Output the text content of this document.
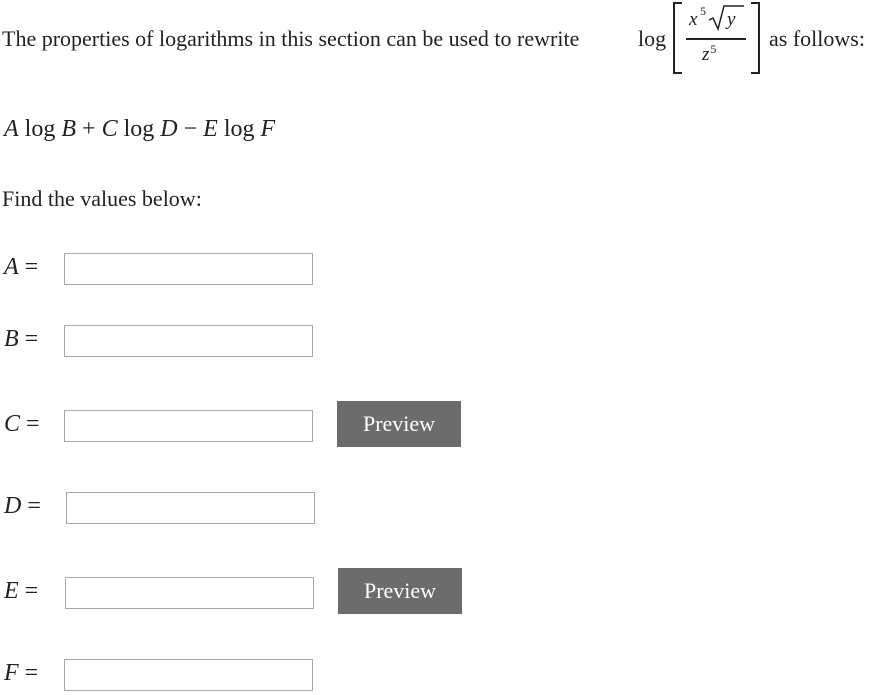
The properties of logarithms in this section can be used to rewrite	log
x 5 y
$z^5$ as follows:
A log B + C log D − E log F
Find the values below:
A =
B =
C =	Preview
D =
E =	Preview
F =
